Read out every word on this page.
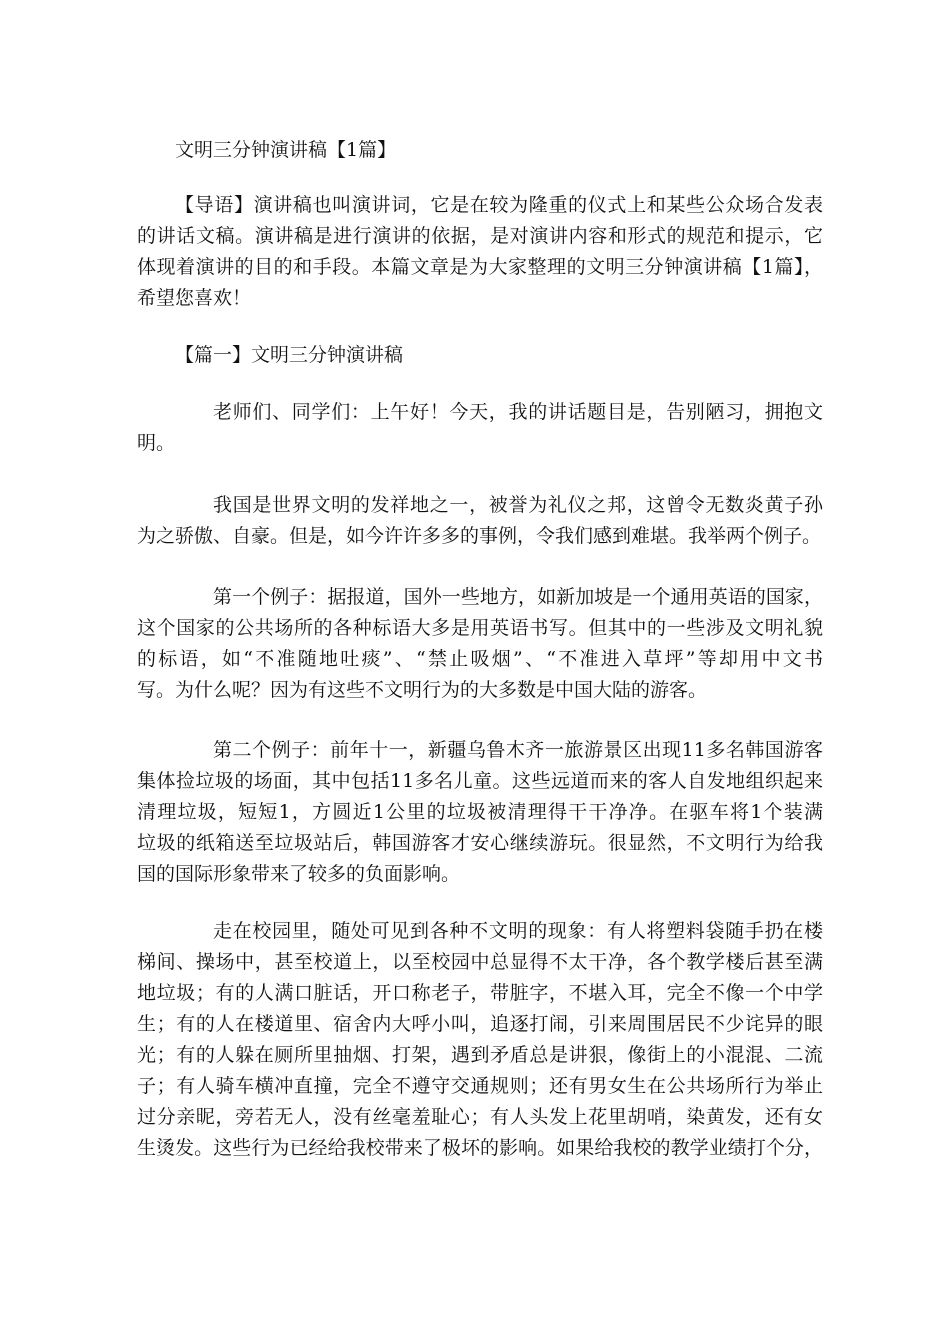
文明三分钟演讲稿【1篇】

【导语】演讲稿也叫演讲词，它是在较为隆重的仪式上和某些公众场合发表
的讲话文稿。演讲稿是进行演讲的依据，是对演讲内容和形式的规范和提示，它
体现着演讲的目的和手段。本篇文章是为大家整理的文明三分钟演讲稿【1篇】，
希望您喜欢！

【篇一】文明三分钟演讲稿

老师们、同学们：上午好！今天，我的讲话题目是，告别陋习，拥抱文
明。

我国是世界文明的发祥地之一，被誉为礼仪之邦，这曾令无数炎黄子孙
为之骄傲、自豪。但是，如今许许多多的事例，令我们感到难堪。我举两个例子。

第一个例子：据报道，国外一些地方，如新加坡是一个通用英语的国家，
这个国家的公共场所的各种标语大多是用英语书写。但其中的一些涉及文明礼貌
的标语，如“不准随地吐痰”、“禁止吸烟”、“不准进入草坪”等却用中文书
写。为什么呢？因为有这些不文明行为的大多数是中国大陆的游客。

第二个例子：前年十一，新疆乌鲁木齐一旅游景区出现11多名韩国游客
集体捡垃圾的场面，其中包括11多名儿童。这些远道而来的客人自发地组织起来
清理垃圾，短短1，方圆近1公里的垃圾被清理得干干净净。在驱车将1个装满
垃圾的纸箱送至垃圾站后，韩国游客才安心继续游玩。很显然，不文明行为给我
国的国际形象带来了较多的负面影响。

走在校园里，随处可见到各种不文明的现象：有人将塑料袋随手扔在楼
梯间、操场中，甚至校道上，以至校园中总显得不太干净，各个教学楼后甚至满
地垃圾；有的人满口脏话，开口称老子，带脏字，不堪入耳，完全不像一个中学
生；有的人在楼道里、宿舍内大呼小叫，追逐打闹，引来周围居民不少诧异的眼
光；有的人躲在厕所里抽烟、打架，遇到矛盾总是讲狠，像街上的小混混、二流
子；有人骑车横冲直撞，完全不遵守交通规则；还有男女生在公共场所行为举止
过分亲昵，旁若无人，没有丝毫羞耻心；有人头发上花里胡哨，染黄发，还有女
生烫发。这些行为已经给我校带来了极坏的影响。如果给我校的教学业绩打个分，
